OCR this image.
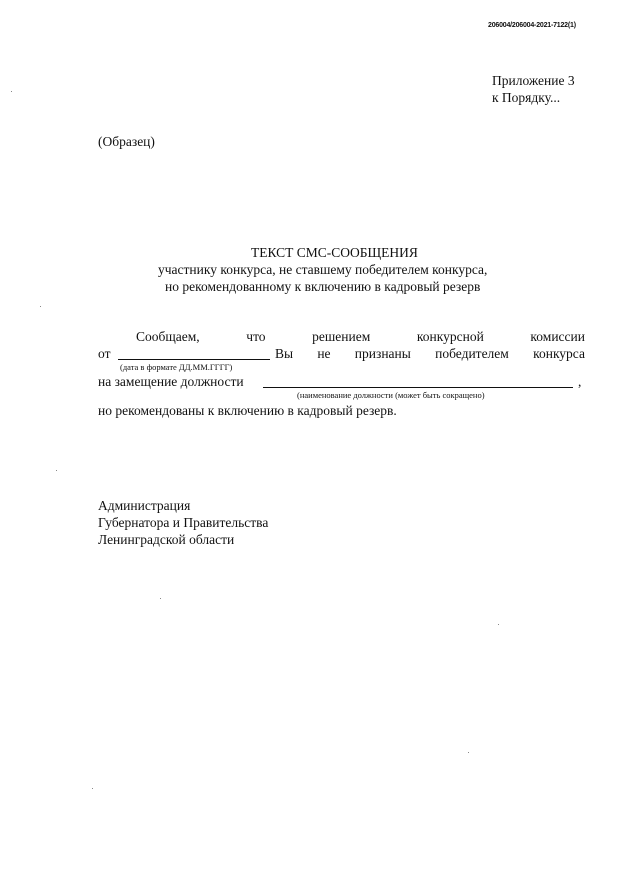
206004/206004-2021-7122(1)
Приложение 3
к Порядку...
(Образец)
ТЕКСТ СМС-СООБЩЕНИЯ
участнику конкурса, не ставшему победителем конкурса,
но рекомендованному к включению в кадровый резерв
Сообщаем,	что	решением	конкурсной	комиссии
от	Вы не признаны победителем конкурса
(дата в формате ДД.ММ.ГГГГ)
на замещение должности	,
(наименование должности (может быть сокращено)
но рекомендованы к включению в кадровый резерв.
Администрация
Губернатора и Правительства
Ленинградской области
